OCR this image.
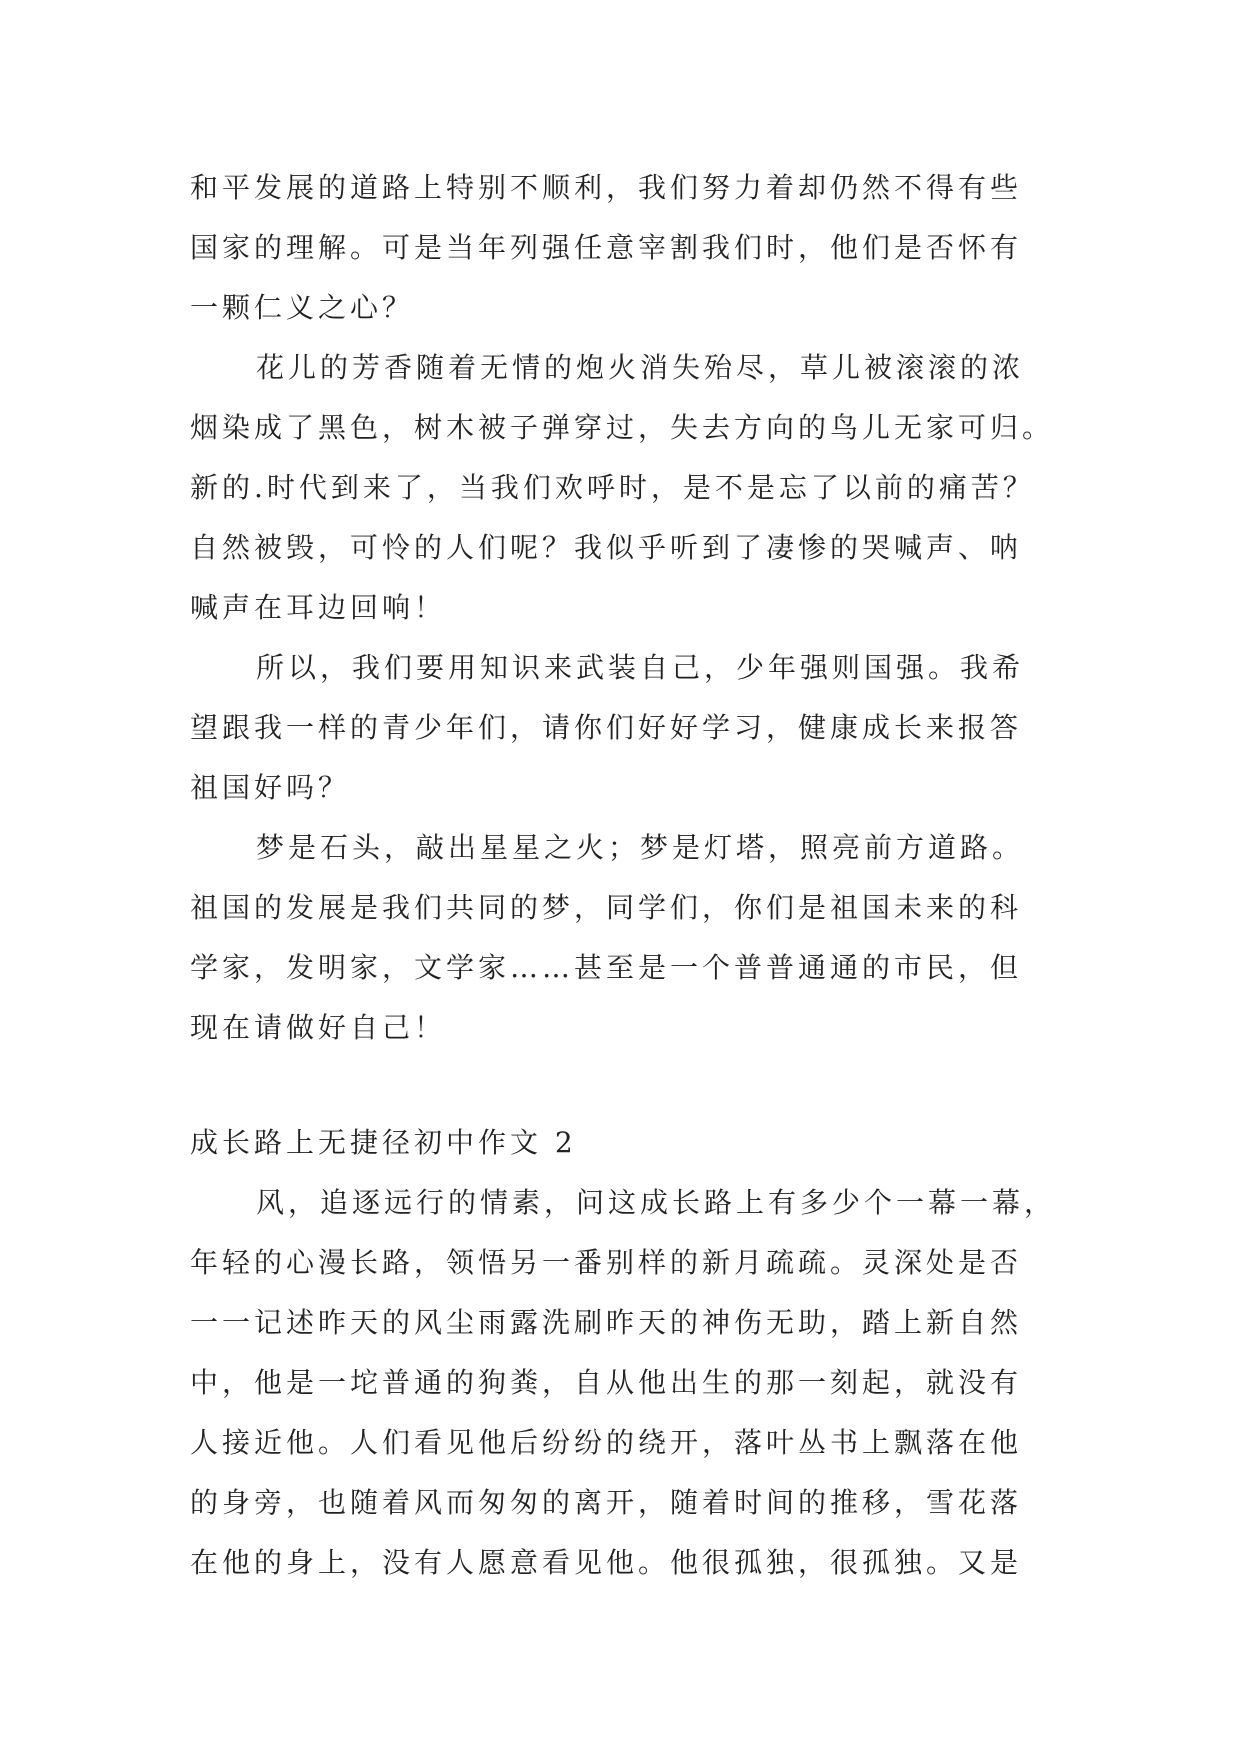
和平发展的道路上特别不顺利，我们努力着却仍然不得有些
国家的理解。可是当年列强任意宰割我们时，他们是否怀有
一颗仁义之心？
花儿的芳香随着无情的炮火消失殆尽，草儿被滚滚的浓
烟染成了黑色，树木被子弹穿过，失去方向的鸟儿无家可归。
新的.时代到来了，当我们欢呼时，是不是忘了以前的痛苦？
自然被毁，可怜的人们呢？我似乎听到了凄惨的哭喊声、呐
喊声在耳边回响！
所以，我们要用知识来武装自己，少年强则国强。我希
望跟我一样的青少年们，请你们好好学习，健康成长来报答
祖国好吗？
梦是石头，敲出星星之火；梦是灯塔，照亮前方道路。
祖国的发展是我们共同的梦，同学们，你们是祖国未来的科
学家，发明家，文学家……甚至是一个普普通通的市民，但
现在请做好自己！
成长路上无捷径初中作文 2
风，追逐远行的情素，问这成长路上有多少个一幕一幕，
年轻的心漫长路，领悟另一番别样的新月疏疏。灵深处是否
一一记述昨天的风尘雨露洗刷昨天的神伤无助，踏上新自然
中，他是一坨普通的狗粪，自从他出生的那一刻起，就没有
人接近他。人们看见他后纷纷的绕开，落叶丛书上飘落在他
的身旁，也随着风而匆匆的离开，随着时间的推移，雪花落
在他的身上，没有人愿意看见他。他很孤独，很孤独。又是
